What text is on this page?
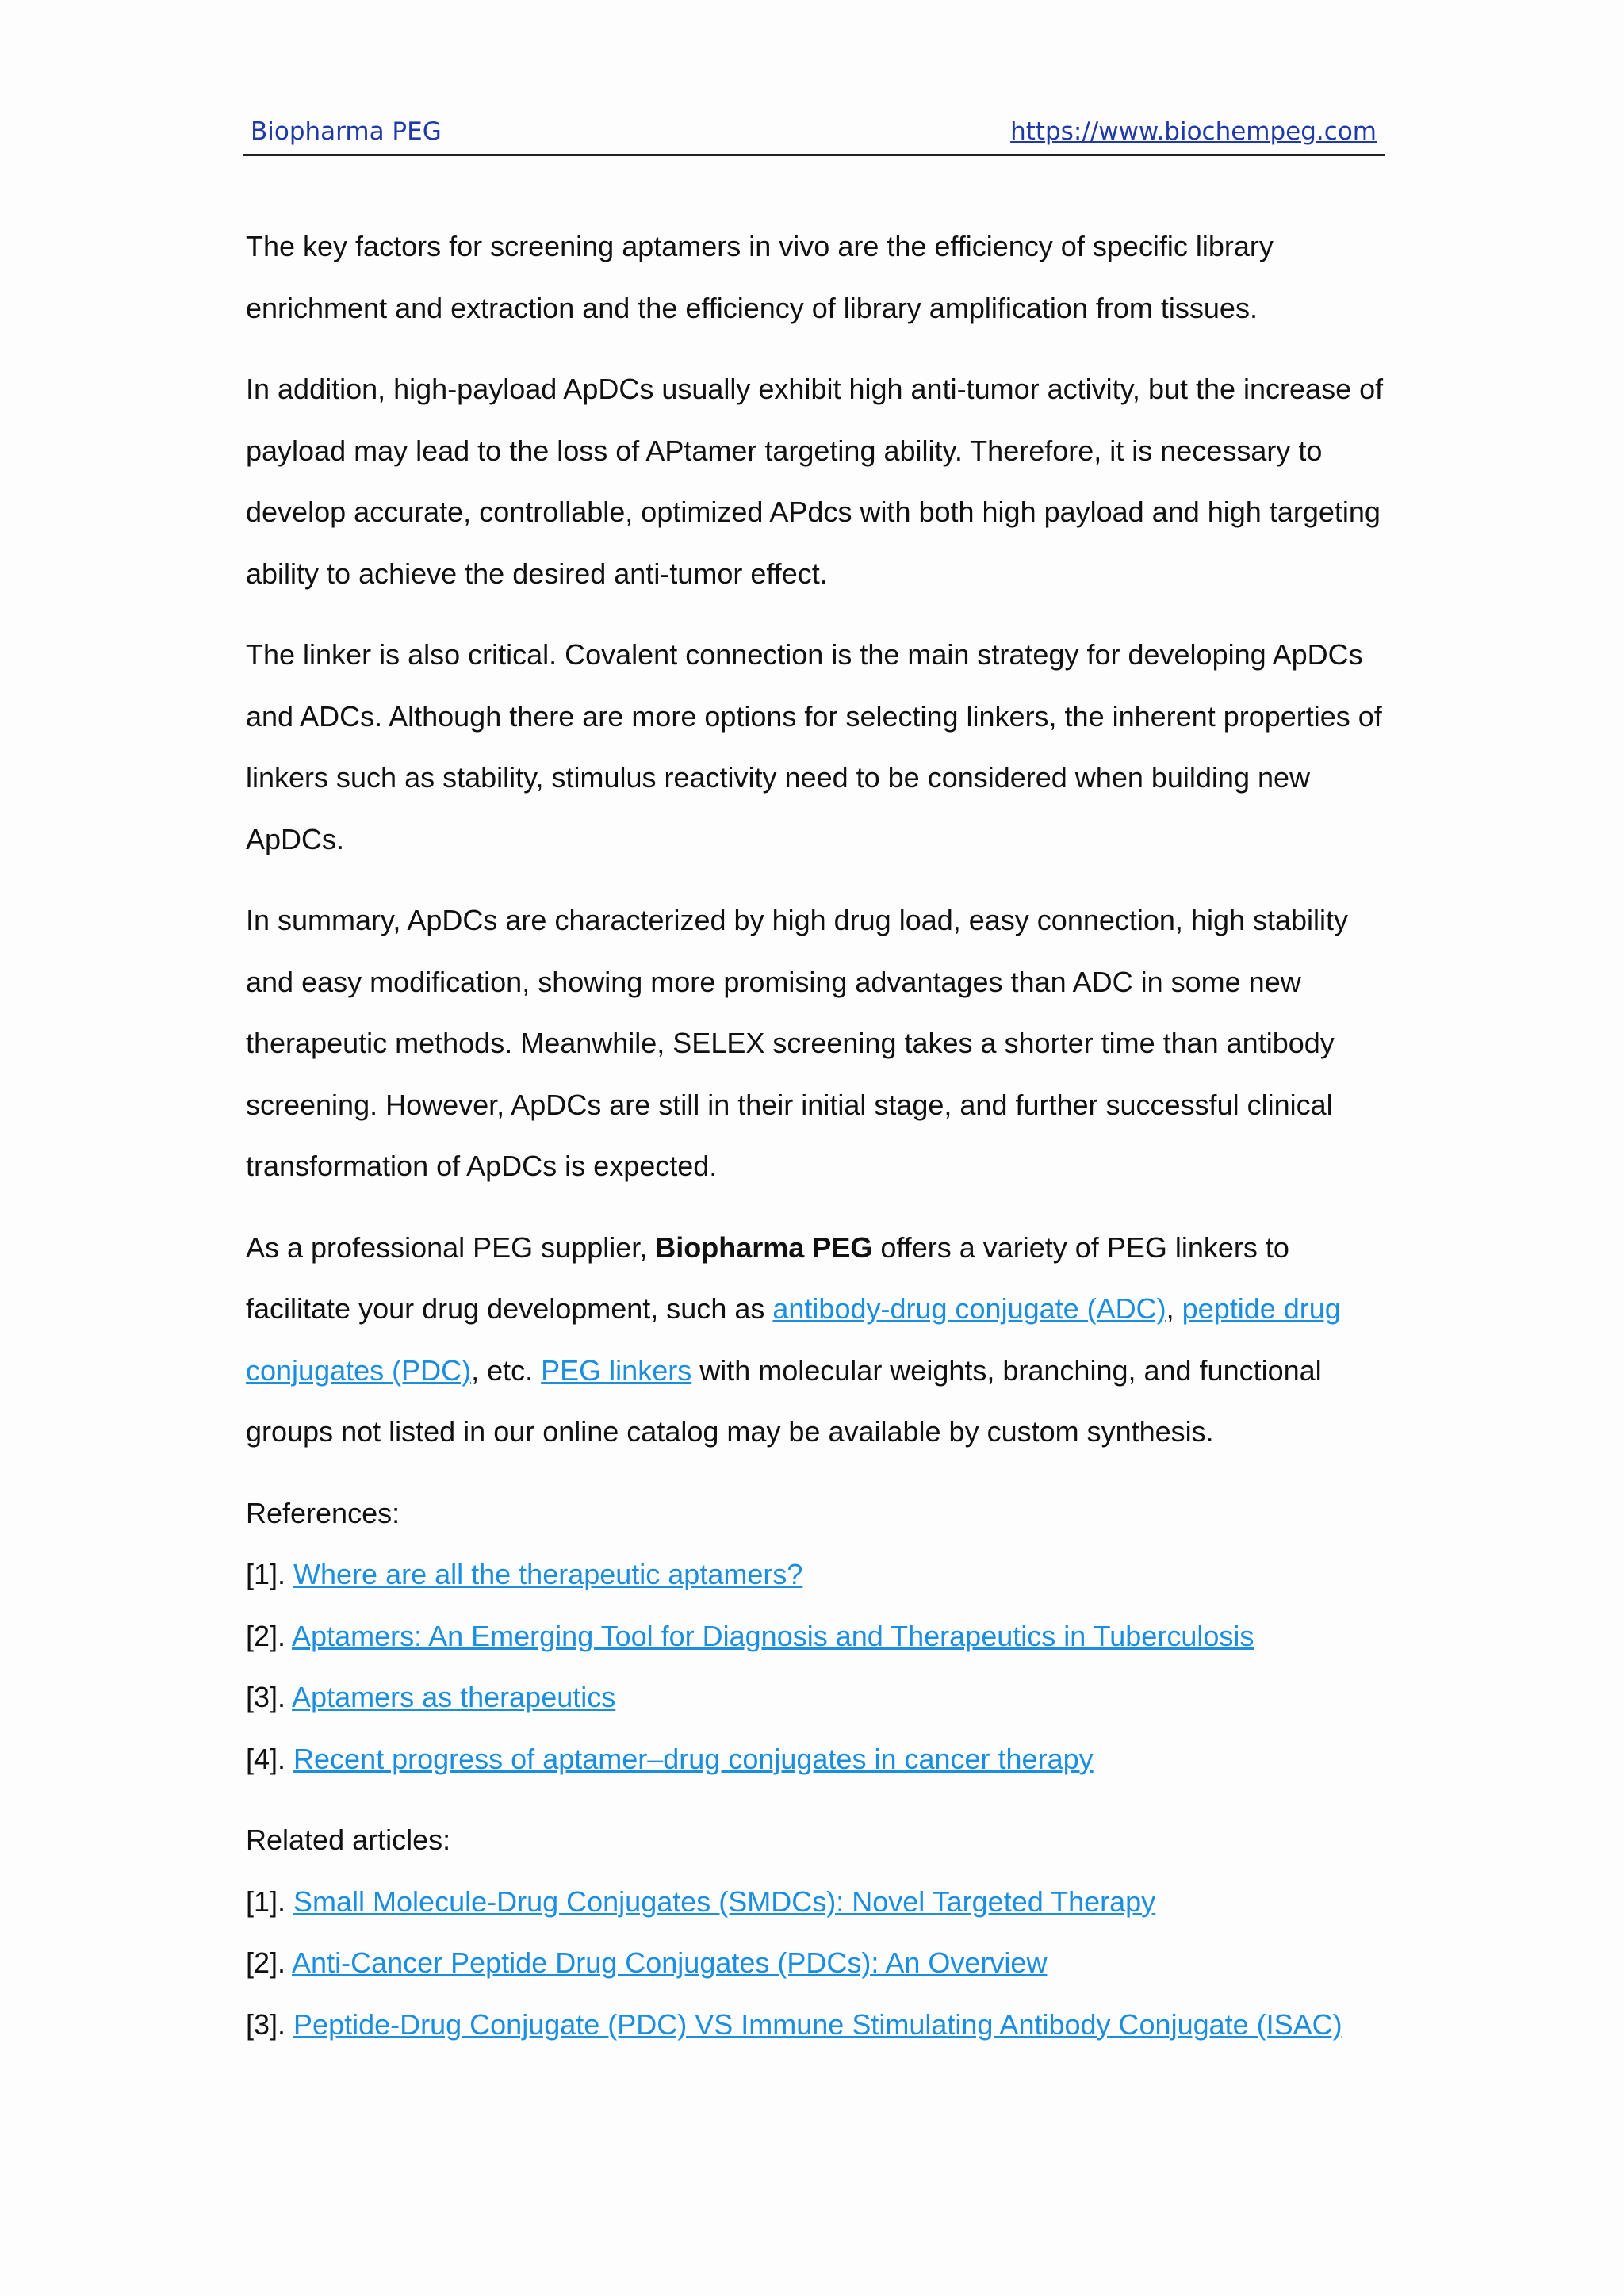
Biopharma PEG	https://www.biochempeg.com

The key factors for screening aptamers in vivo are the efficiency of specific library enrichment and extraction and the efficiency of library amplification from tissues.

In addition, high-payload ApDCs usually exhibit high anti-tumor activity, but the increase of payload may lead to the loss of APtamer targeting ability. Therefore, it is necessary to develop accurate, controllable, optimized APdcs with both high payload and high targeting ability to achieve the desired anti-tumor effect.

The linker is also critical. Covalent connection is the main strategy for developing ApDCs and ADCs. Although there are more options for selecting linkers, the inherent properties of linkers such as stability, stimulus reactivity need to be considered when building new ApDCs.

In summary, ApDCs are characterized by high drug load, easy connection, high stability and easy modification, showing more promising advantages than ADC in some new therapeutic methods. Meanwhile, SELEX screening takes a shorter time than antibody screening. However, ApDCs are still in their initial stage, and further successful clinical transformation of ApDCs is expected.

As a professional PEG supplier, Biopharma PEG offers a variety of PEG linkers to facilitate your drug development, such as antibody-drug conjugate (ADC), peptide drug conjugates (PDC), etc. PEG linkers with molecular weights, branching, and functional groups not listed in our online catalog may be available by custom synthesis.

References:
[1]. Where are all the therapeutic aptamers?
[2]. Aptamers: An Emerging Tool for Diagnosis and Therapeutics in Tuberculosis
[3]. Aptamers as therapeutics
[4]. Recent progress of aptamer–drug conjugates in cancer therapy
Related articles:
[1]. Small Molecule-Drug Conjugates (SMDCs): Novel Targeted Therapy
[2]. Anti-Cancer Peptide Drug Conjugates (PDCs): An Overview
[3]. Peptide-Drug Conjugate (PDC) VS Immune Stimulating Antibody Conjugate (ISAC)
